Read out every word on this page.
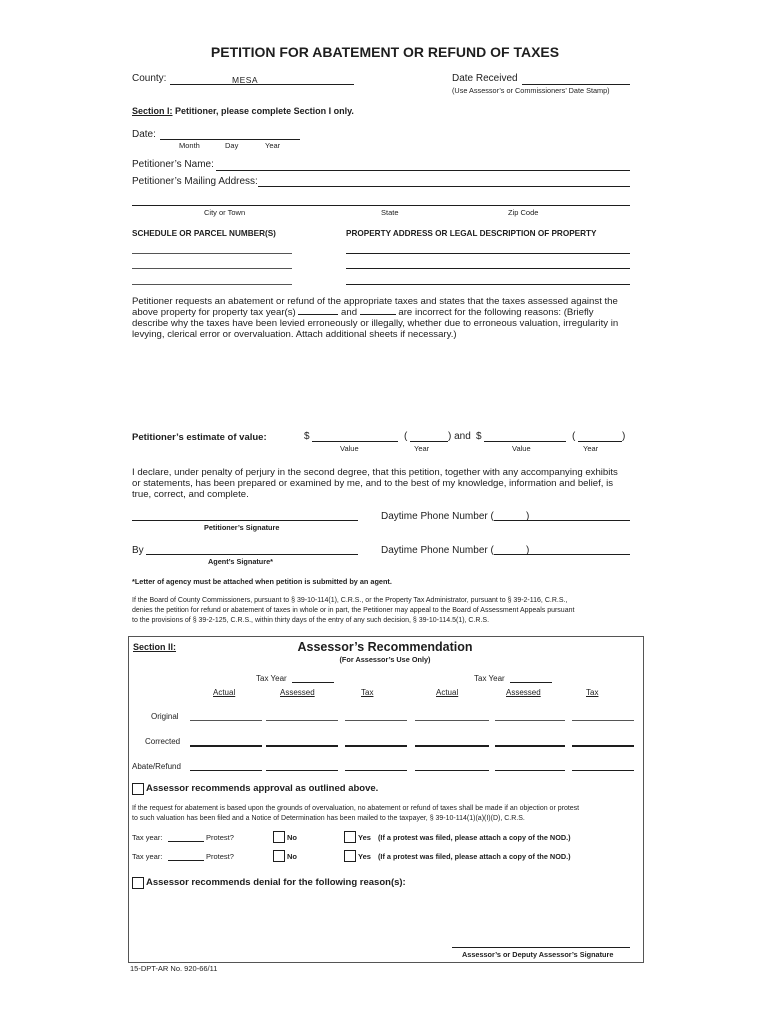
PETITION FOR ABATEMENT OR REFUND OF TAXES
County:	MESA	Date Received
(Use Assessor’s or Commissioners’ Date Stamp)
Section I: Petitioner, please complete Section I only.
Date:
Month	Day	Year
Petitioner’s Name:
Petitioner’s Mailing Address:
City or Town	State	Zip Code
SCHEDULE OR PARCEL NUMBER(S)	PROPERTY ADDRESS OR LEGAL DESCRIPTION OF PROPERTY
Petitioner requests an abatement or refund of the appropriate taxes and states that the taxes assessed against the
above property for property tax year(s)	and	are incorrect for the following reasons: (Briefly
describe why the taxes have been levied erroneously or illegally, whether due to erroneous valuation, irregularity in
levying, clerical error or overvaluation. Attach additional sheets if necessary.)
Petitioner’s estimate of value:	$	(	) and $	(	)
Value	Year	Value	Year
I declare, under penalty of perjury in the second degree, that this petition, together with any accompanying exhibits
or statements, has been prepared or examined by me, and to the best of my knowledge, information and belief, is
true, correct, and complete.
Petitioner’s Signature
Daytime Phone Number (	)
By
Agent’s Signature*
Daytime Phone Number (	)
*Letter of agency must be attached when petition is submitted by an agent.
If the Board of County Commissioners, pursuant to § 39-10-114(1), C.R.S., or the Property Tax Administrator, pursuant to § 39-2-116, C.R.S.,
denies the petition for refund or abatement of taxes in whole or in part, the Petitioner may appeal to the Board of Assessment Appeals pursuant
to the provisions of § 39-2-125, C.R.S., within thirty days of the entry of any such decision, § 39-10-114.5(1), C.R.S.
Section II:	Assessor’s Recommendation
(For Assessor’s Use Only)
Tax Year	Tax Year
Actual	Assessed	Tax	Actual	Assessed	Tax
Original
Corrected
Abate/Refund
Assessor recommends approval as outlined above.
If the request for abatement is based upon the grounds of overvaluation, no abatement or refund of taxes shall be made if an objection or protest
to such valuation has been filed and a Notice of Determination has been mailed to the taxpayer, § 39-10-114(1)(a)(I)(D), C.R.S.
Tax year:	Protest?	No	Yes (If a protest was filed, please attach a copy of the NOD.)
Tax year:	Protest?	No	Yes (If a protest was filed, please attach a copy of the NOD.)
Assessor recommends denial for the following reason(s):
Assessor’s or Deputy Assessor’s Signature
15-DPT-AR No. 920-66/11
